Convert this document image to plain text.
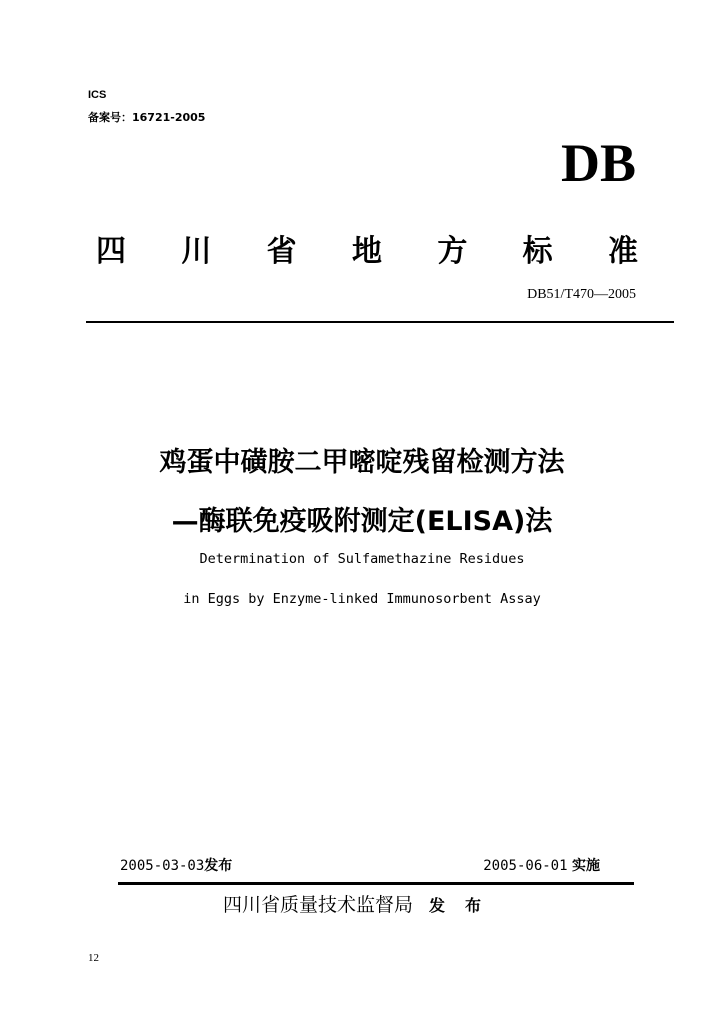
ICS
备案号：16721-2005
DB
四 川 省 地 方 标 准
DB51/T470—2005
鸡蛋中磺胺二甲嘧啶残留检测方法
—酶联免疫吸附测定(ELISA)法
Determination of Sulfamethazine Residues
in Eggs by Enzyme-linked Immunosorbent Assay
2005-03-03发布	2005-06-01 实施
四川省质量技术监督局 发布
12
